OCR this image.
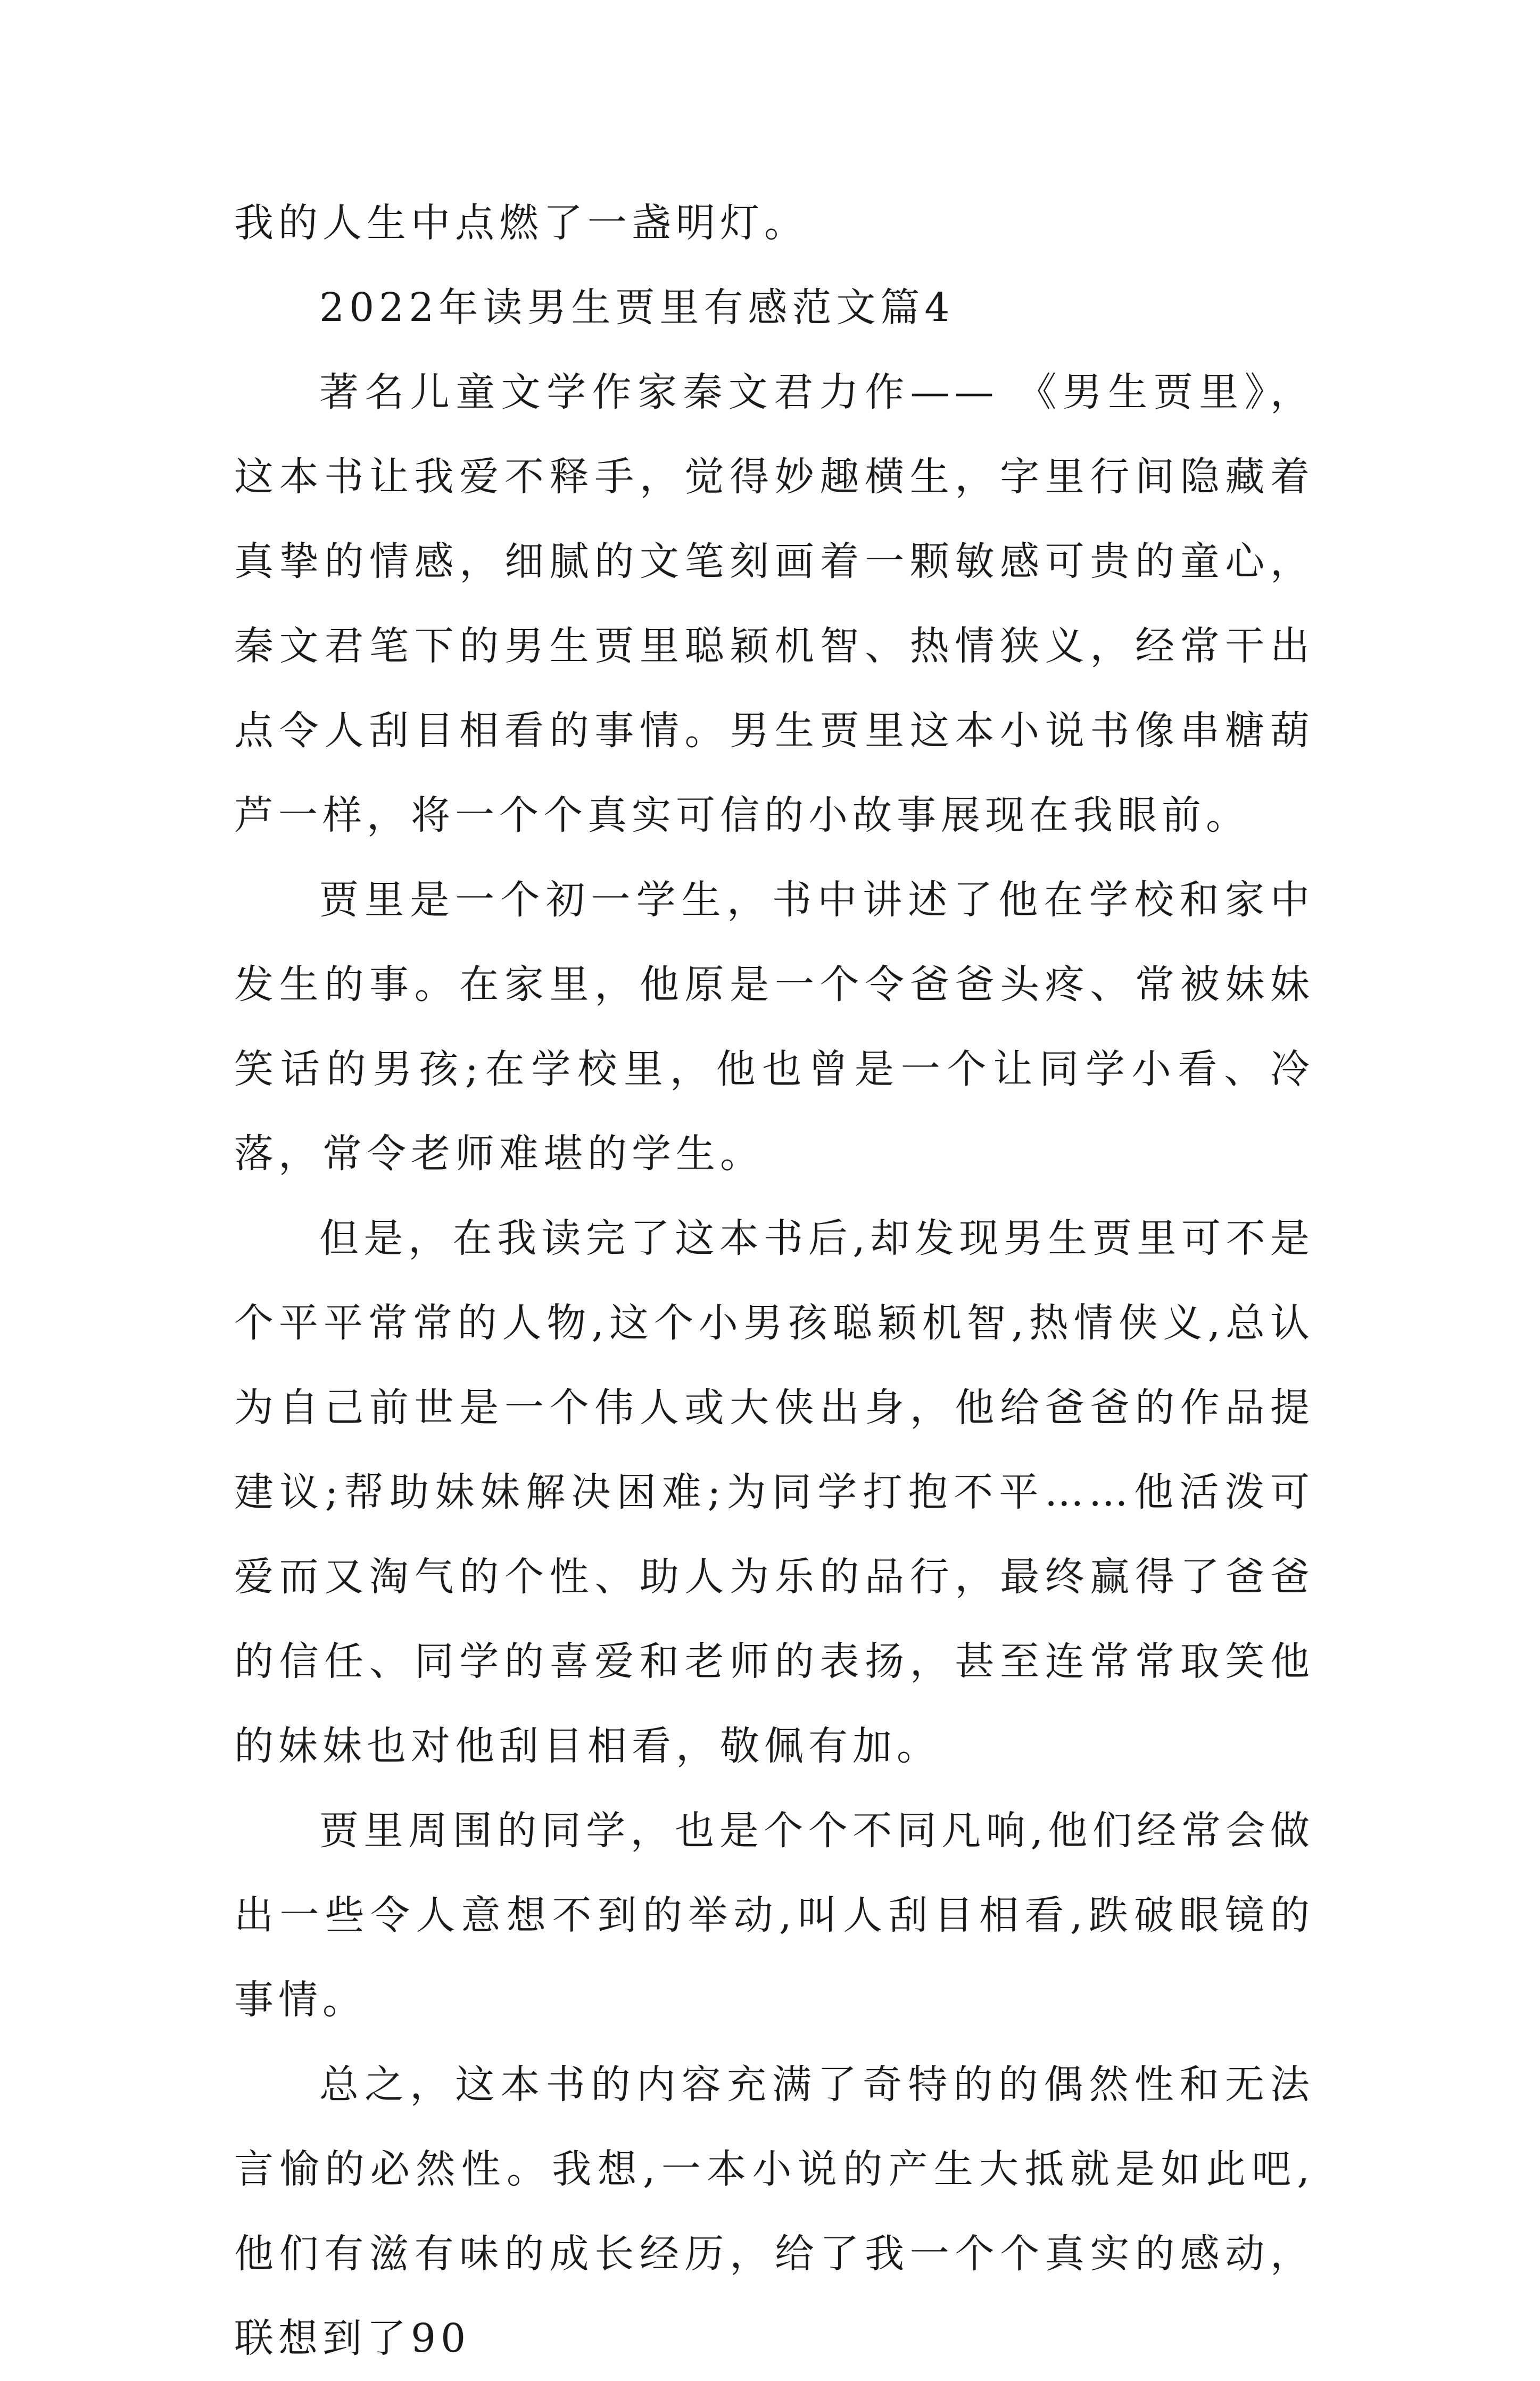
我的人生中点燃了一盏明灯。

2022年读男生贾里有感范文篇4

著名儿童文学作家秦文君力作—— 《男生贾里》，这本书让我爱不释手，觉得妙趣横生，字里行间隐藏着真挚的情感，细腻的文笔刻画着一颗敏感可贵的童心，秦文君笔下的男生贾里聪颖机智、热情狭义，经常干出点令人刮目相看的事情。男生贾里这本小说书像串糖葫芦一样，将一个个真实可信的小故事展现在我眼前。

贾里是一个初一学生，书中讲述了他在学校和家中发生的事。在家里，他原是一个令爸爸头疼、常被妹妹笑话的男孩;在学校里，他也曾是一个让同学小看、冷落，常令老师难堪的学生。

但是，在我读完了这本书后,却发现男生贾里可不是个平平常常的人物,这个小男孩聪颖机智,热情侠义,总认为自己前世是一个伟人或大侠出身，他给爸爸的作品提建议;帮助妹妹解决困难;为同学打抱不平……他活泼可爱而又淘气的个性、助人为乐的品行，最终赢得了爸爸的信任、同学的喜爱和老师的表扬，甚至连常常取笑他的妹妹也对他刮目相看，敬佩有加。

贾里周围的同学，也是个个不同凡响,他们经常会做出一些令人意想不到的举动,叫人刮目相看,跌破眼镜的事情。

总之，这本书的内容充满了奇特的的偶然性和无法言愉的必然性。我想,一本小说的产生大抵就是如此吧,他们有滋有味的成长经历，给了我一个个真实的感动，联想到了90
